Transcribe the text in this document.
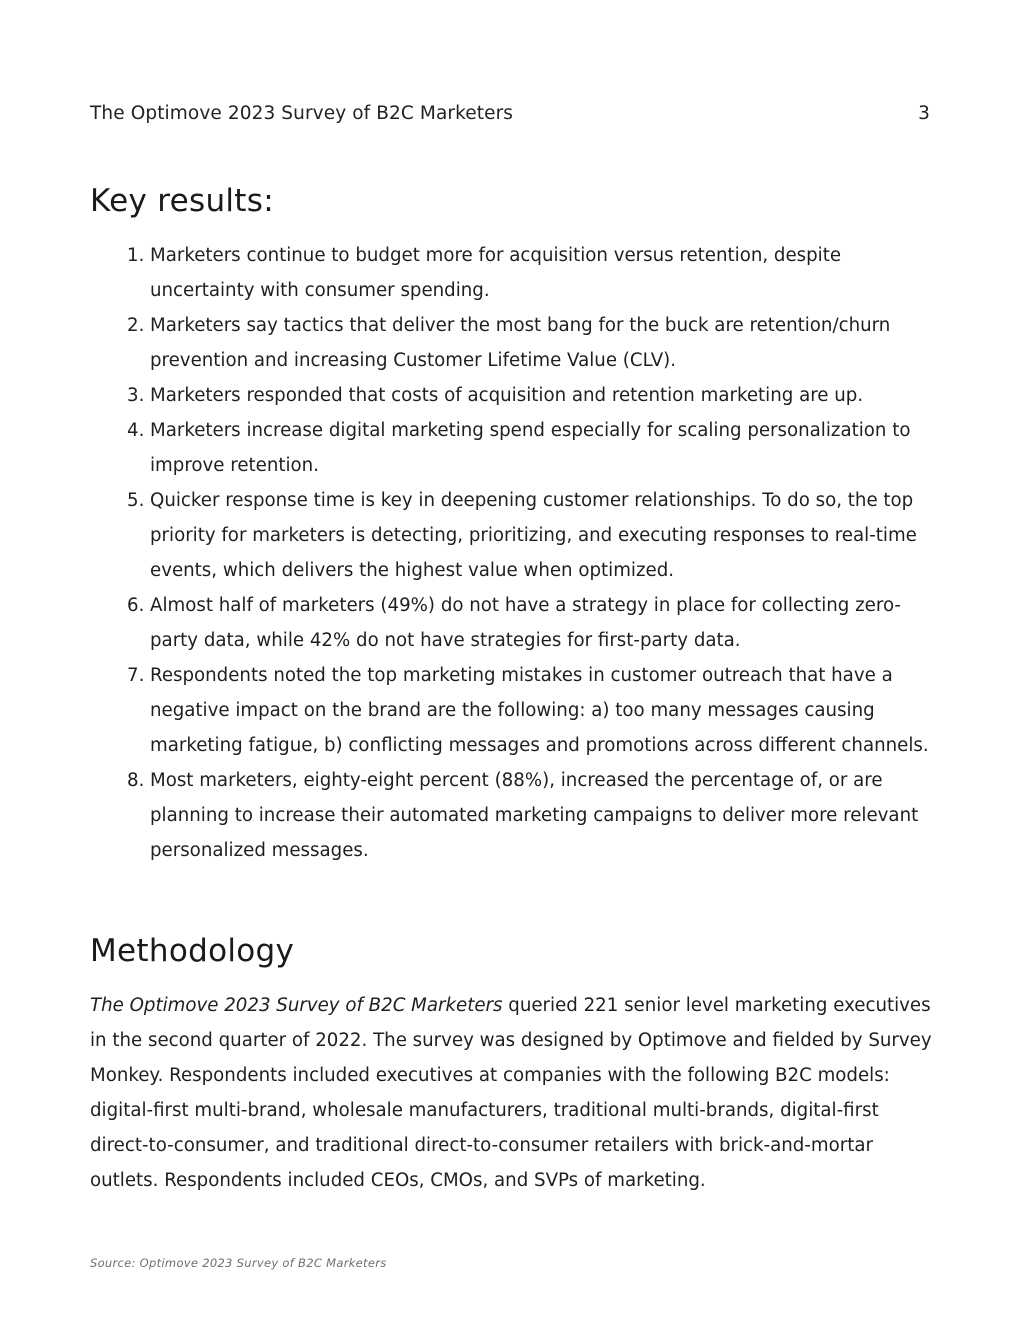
The Optimove 2023 Survey of B2C Marketers	3
Key results:
1. Marketers continue to budget more for acquisition versus retention, despite uncertainty with consumer spending.
2. Marketers say tactics that deliver the most bang for the buck are retention/churn prevention and increasing Customer Lifetime Value (CLV).
3. Marketers responded that costs of acquisition and retention marketing are up.
4. Marketers increase digital marketing spend especially for scaling personalization to improve retention.
5. Quicker response time is key in deepening customer relationships. To do so, the top priority for marketers is detecting, prioritizing, and executing responses to real-time events, which delivers the highest value when optimized.
6. Almost half of marketers (49%) do not have a strategy in place for collecting zero-party data, while 42% do not have strategies for first-party data.
7. Respondents noted the top marketing mistakes in customer outreach that have a negative impact on the brand are the following: a) too many messages causing marketing fatigue, b) conflicting messages and promotions across different channels.
8. Most marketers, eighty-eight percent (88%), increased the percentage of, or are planning to increase their automated marketing campaigns to deliver more relevant personalized messages.
Methodology

The Optimove 2023 Survey of B2C Marketers queried 221 senior level marketing executives in the second quarter of 2022. The survey was designed by Optimove and fielded by Survey Monkey. Respondents included executives at companies with the following B2C models: digital-first multi-brand, wholesale manufacturers, traditional multi-brands, digital-first direct-to-consumer, and traditional direct-to-consumer retailers with brick-and-mortar outlets. Respondents included CEOs, CMOs, and SVPs of marketing.

Source: Optimove 2023 Survey of B2C Marketers
